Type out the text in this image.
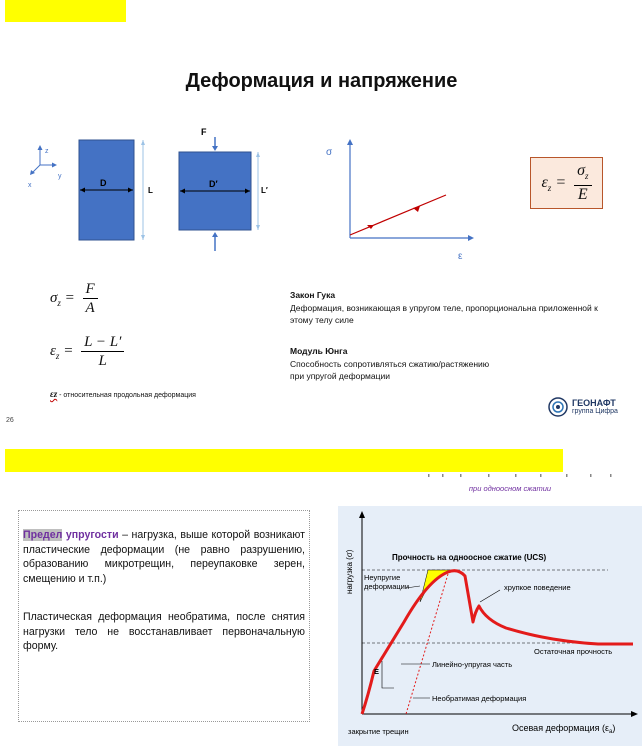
Деформация и напряжение
z
y
x	D
L
D′
L′
F
σ
ε
$\varepsilon_z = \frac{\sigma_z}{E}$
$\sigma_z = \frac{F}{A}$
$\varepsilon_z = \frac{L - L'}{L}$
εz - относительная продольная деформация
Закон Гука
Деформация, возникающая в упругом теле, пропорциональна приложенной к этому телу силе
Модуль Юнга
Способность сопротивляться сжатию/растяжению
при упругой деформации
ГЕОНАФТ
группа Цифра
26
при одноосном сжатии

Предел упругости – нагрузка, выше которой возникают пластические деформации (не равно разрушению, образованию микротрещин, переупаковке зерен, смещению и т.п.)

Пластическая деформация необратима, после снятия нагрузки тело не восстанавливает первоначальную форму.

нагрузка (σ)
Осевая деформация $(\varepsilon_a)$
Прочность на одноосное сжатие (UCS)
Неупругие
деформации	хрупкое поведение
Остаточная прочность
Линейно-упругая часть
Необратимая деформация
закрытие трещин
E
